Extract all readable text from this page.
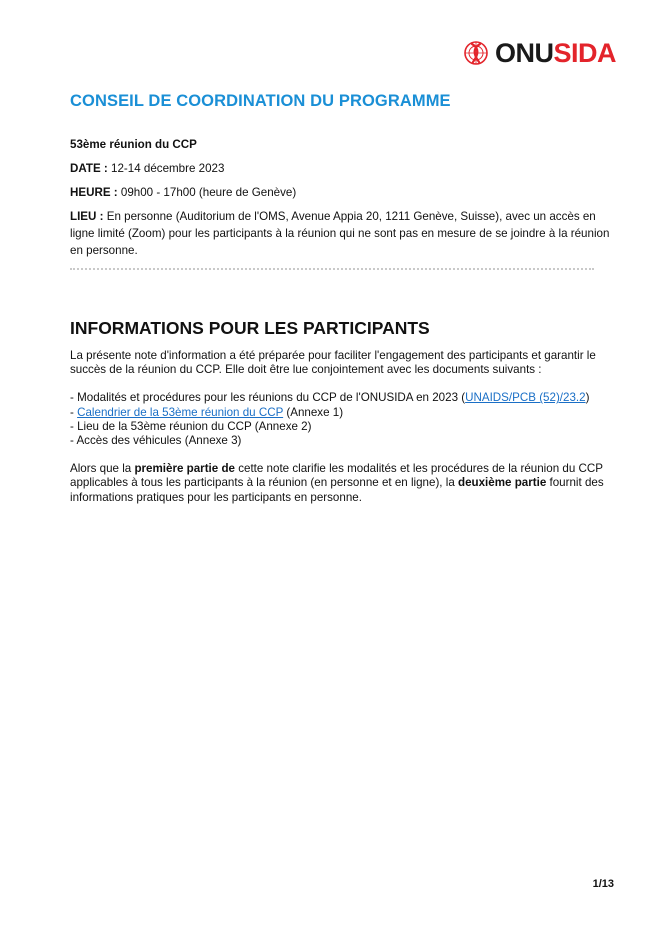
ONU SIDA
CONSEIL DE COORDINATION DU PROGRAMME

53ème réunion du CCP

DATE : 12-14 décembre 2023

HEURE : 09h00 - 17h00 (heure de Genève)

LIEU : En personne (Auditorium de l'OMS, Avenue Appia 20, 1211 Genève, Suisse), avec un accès en ligne limité (Zoom) pour les participants à la réunion qui ne sont pas en mesure de se joindre à la réunion en personne.

INFORMATIONS POUR LES PARTICIPANTS

La présente note d'information a été préparée pour faciliter l'engagement des participants et garantir le succès de la réunion du CCP. Elle doit être lue conjointement avec les documents suivants :

- Modalités et procédures pour les réunions du CCP de l'ONUSIDA en 2023 (UNAIDS/PCB (52)/23.2)
- Calendrier de la 53ème réunion du CCP (Annexe 1)
- Lieu de la 53ème réunion du CCP (Annexe 2)
- Accès des véhicules (Annexe 3)

Alors que la première partie de cette note clarifie les modalités et les procédures de la réunion du CCP applicables à tous les participants à la réunion (en personne et en ligne), la deuxième partie fournit des informations pratiques pour les participants en personne.

1/13
